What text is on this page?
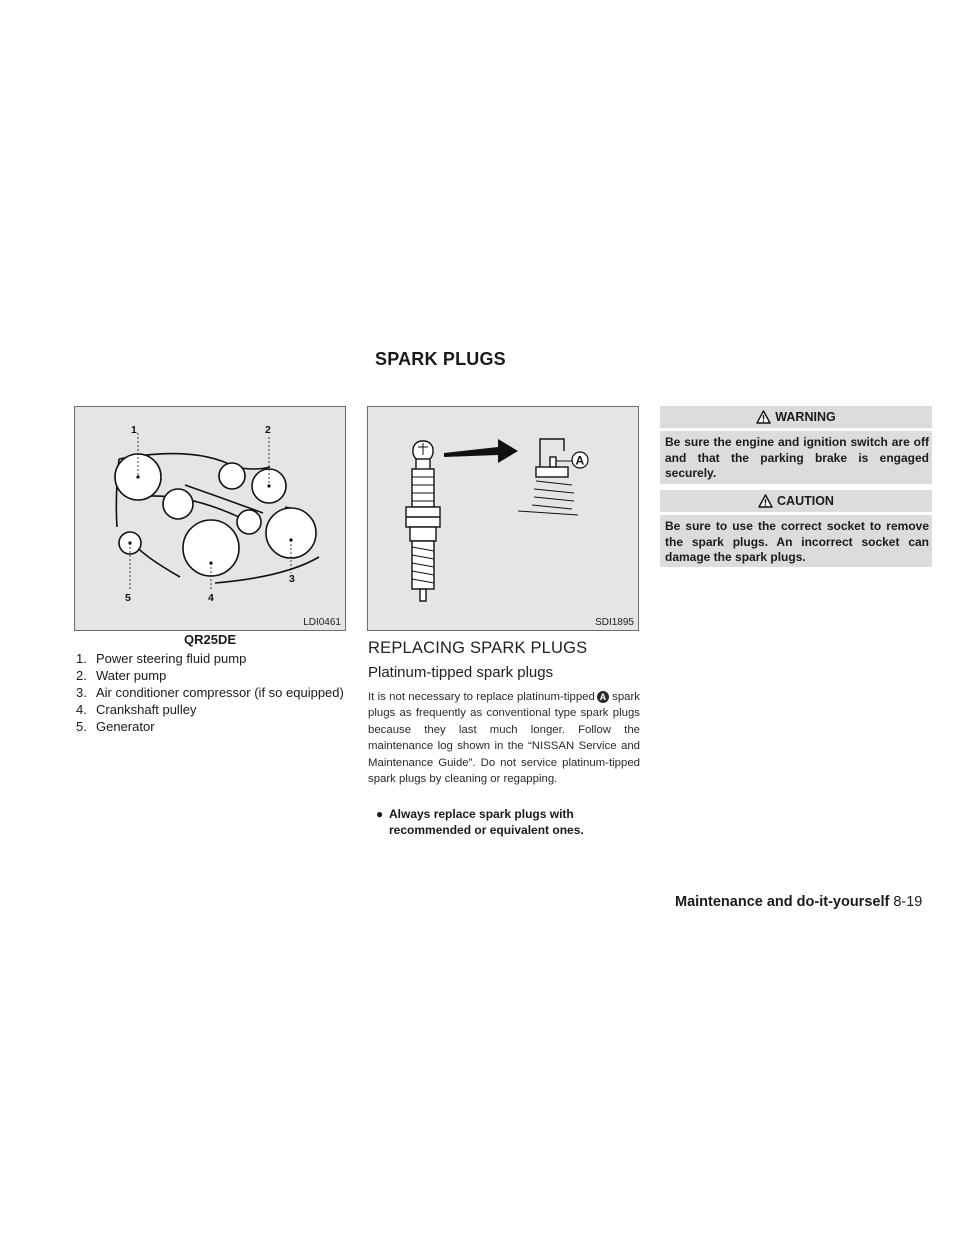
SPARK PLUGS
1	2
3
4
5
LDI0461
QR25DE
1. Power steering fluid pump
2. Water pump
3. Air conditioner compressor (if so equipped)
4. Crankshaft pulley
5. Generator
A
SDI1895
REPLACING SPARK PLUGS
Platinum-tipped spark plugs

It is not necessary to replace platinum-tipped A spark plugs as frequently as conventional type spark plugs because they last much longer. Follow the maintenance log shown in the “NISSAN Service and Maintenance Guide”. Do not service platinum-tipped spark plugs by cleaning or regapping.

● Always replace spark plugs with recommended or equivalent ones.
WARNING
Be sure the engine and ignition switch are off and that the parking brake is engaged securely.
CAUTION
Be sure to use the correct socket to remove the spark plugs. An incorrect socket can damage the spark plugs.
Maintenance and do-it-yourself 8-19
